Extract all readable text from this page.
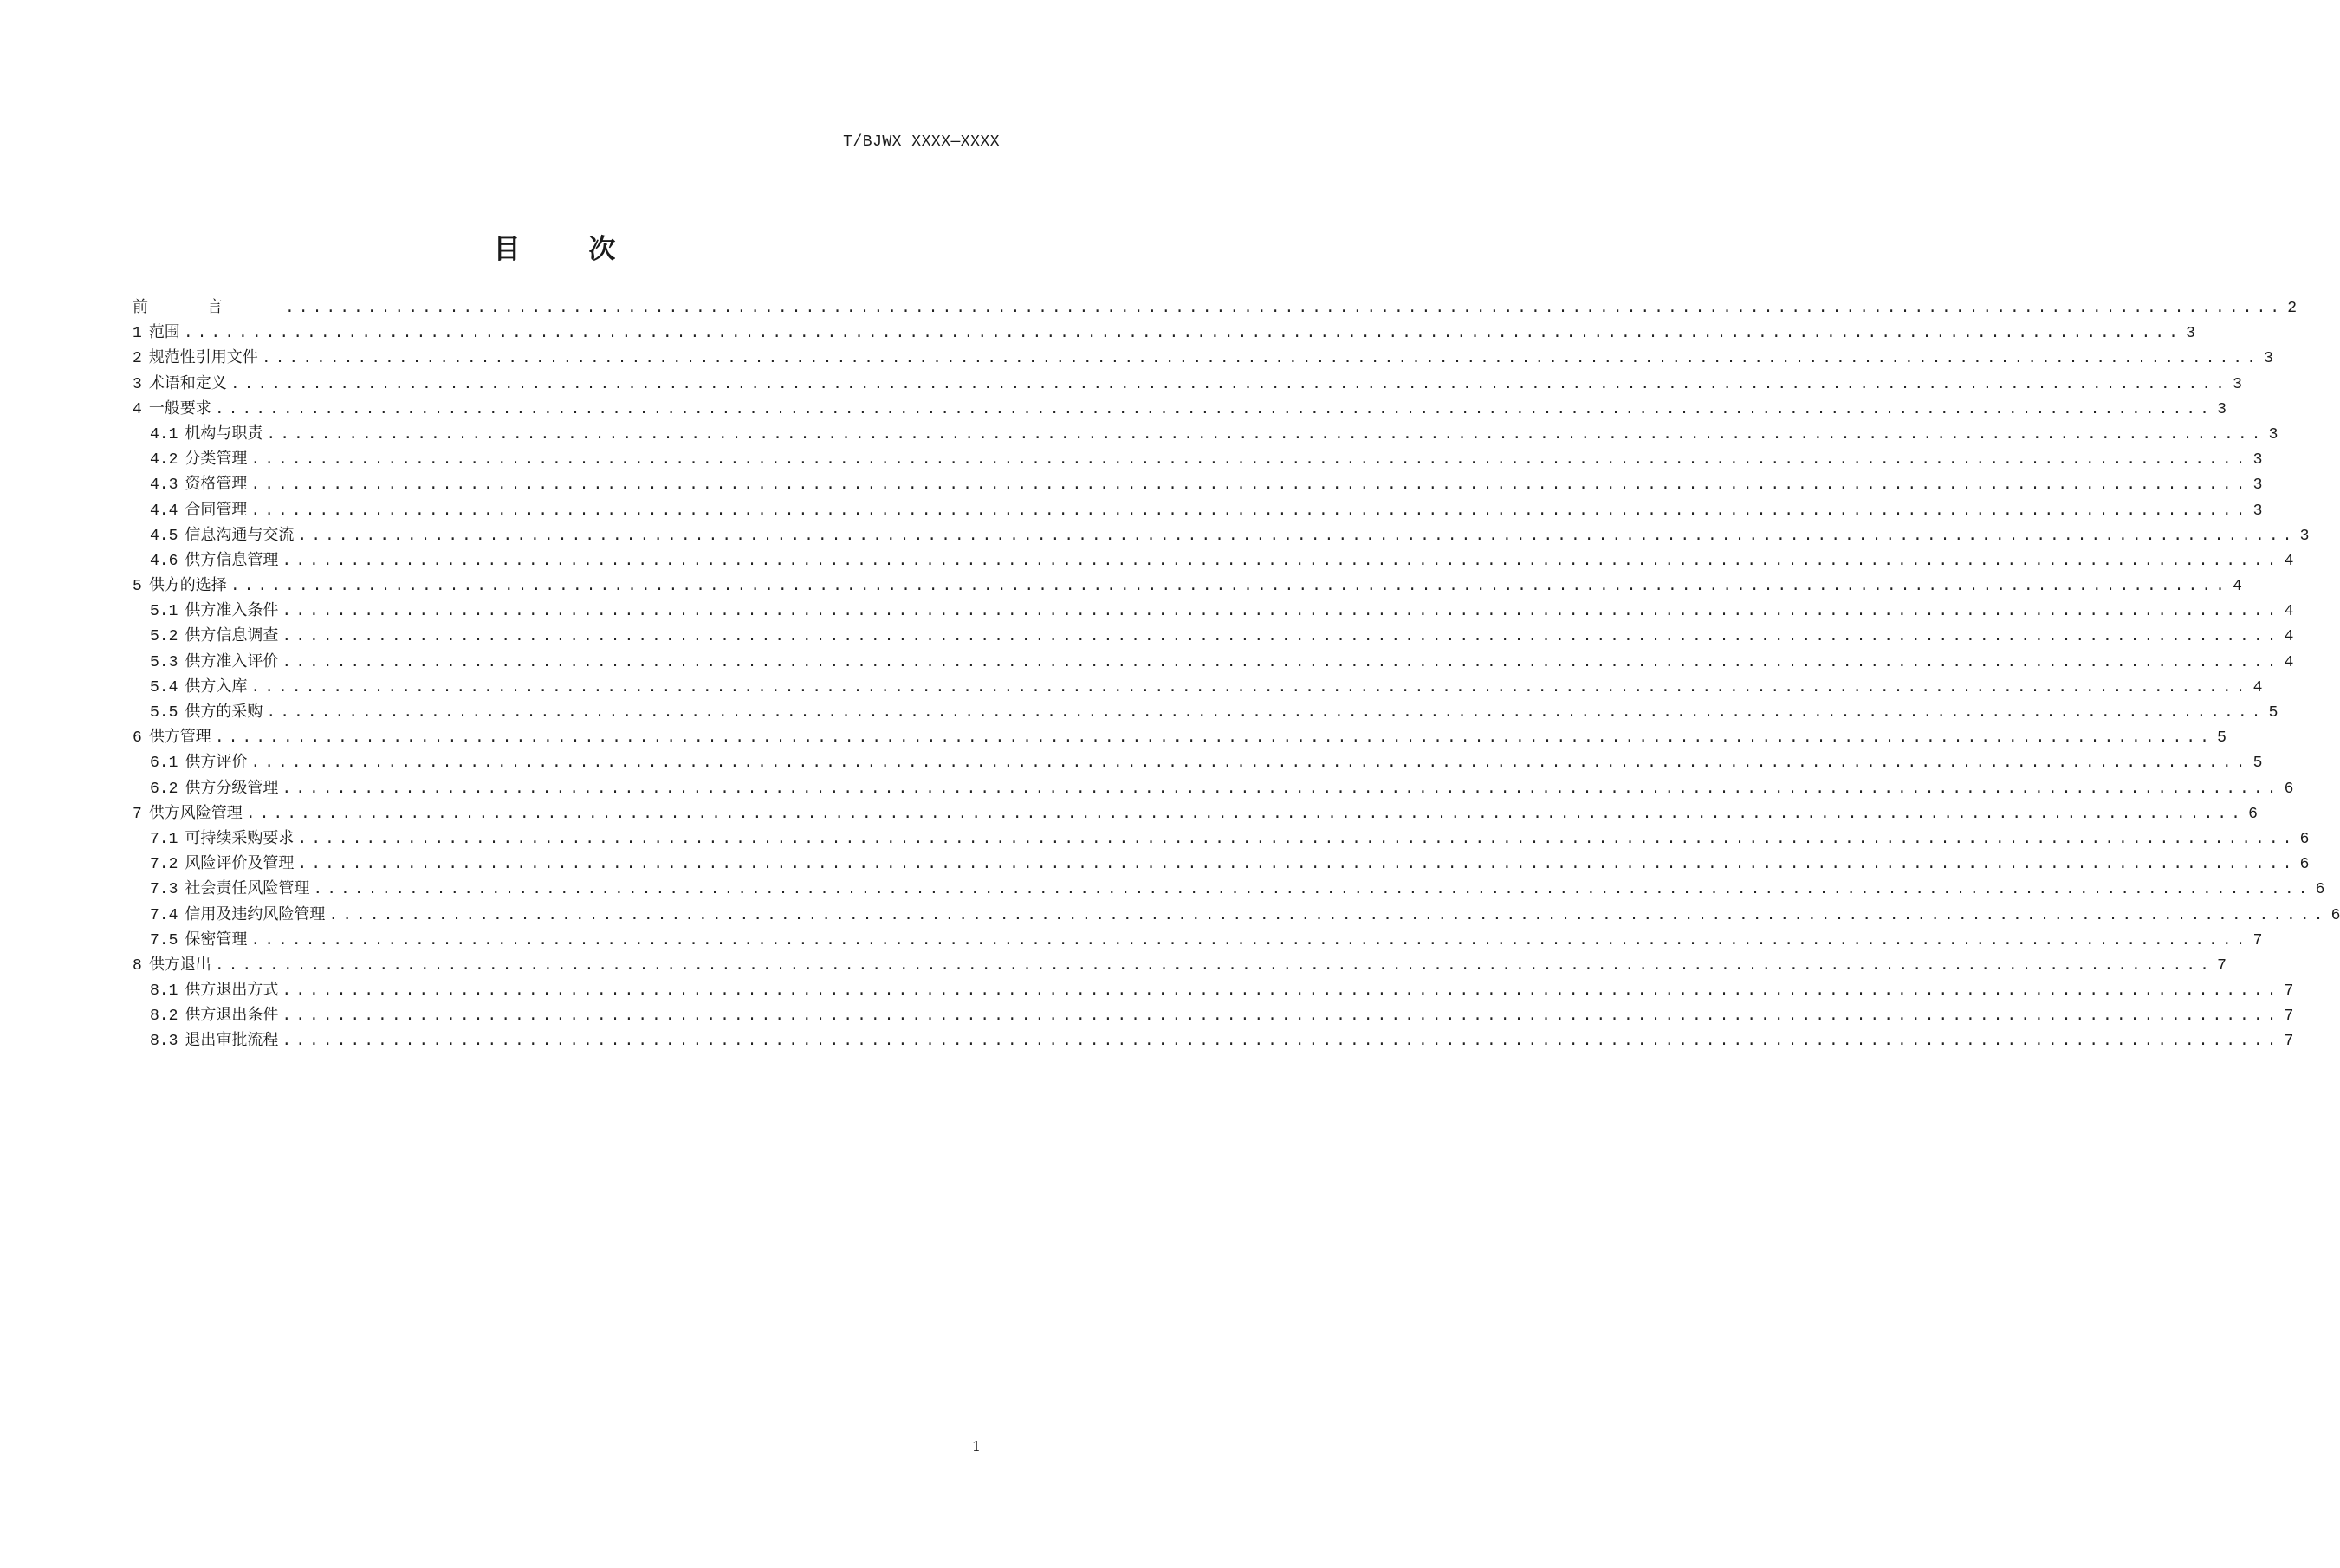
T/BJWX XXXX—XXXX
目 次
前言 .................................................................................................................................................. 2
1 范围 .................................................................................................................................................. 3
2 规范性引用文件 .................................................................................................................................................. 3
3 术语和定义 .................................................................................................................................................. 3
4 一般要求 .................................................................................................................................................. 3
4.1 机构与职责 .................................................................................................................................................. 3
4.2 分类管理 .................................................................................................................................................. 3
4.3 资格管理 .................................................................................................................................................. 3
4.4 合同管理 .................................................................................................................................................. 3
4.5 信息沟通与交流 .................................................................................................................................................. 3
4.6 供方信息管理 .................................................................................................................................................. 4
5 供方的选择 .................................................................................................................................................. 4
5.1 供方准入条件 .................................................................................................................................................. 4
5.2 供方信息调查 .................................................................................................................................................. 4
5.3 供方准入评价 .................................................................................................................................................. 4
5.4 供方入库 .................................................................................................................................................. 4
5.5 供方的采购 .................................................................................................................................................. 5
6 供方管理 .................................................................................................................................................. 5
6.1 供方评价 .................................................................................................................................................. 5
6.2 供方分级管理 .................................................................................................................................................. 6
7 供方风险管理 .................................................................................................................................................. 6
7.1 可持续采购要求 .................................................................................................................................................. 6
7.2 风险评价及管理 .................................................................................................................................................. 6
7.3 社会责任风险管理 .................................................................................................................................................. 6
7.4 信用及违约风险管理 .................................................................................................................................................. 6
7.5 保密管理 .................................................................................................................................................. 7
8 供方退出 .................................................................................................................................................. 7
8.1 供方退出方式 .................................................................................................................................................. 7
8.2 供方退出条件 .................................................................................................................................................. 7
8.3 退出审批流程 .................................................................................................................................................. 7
1
